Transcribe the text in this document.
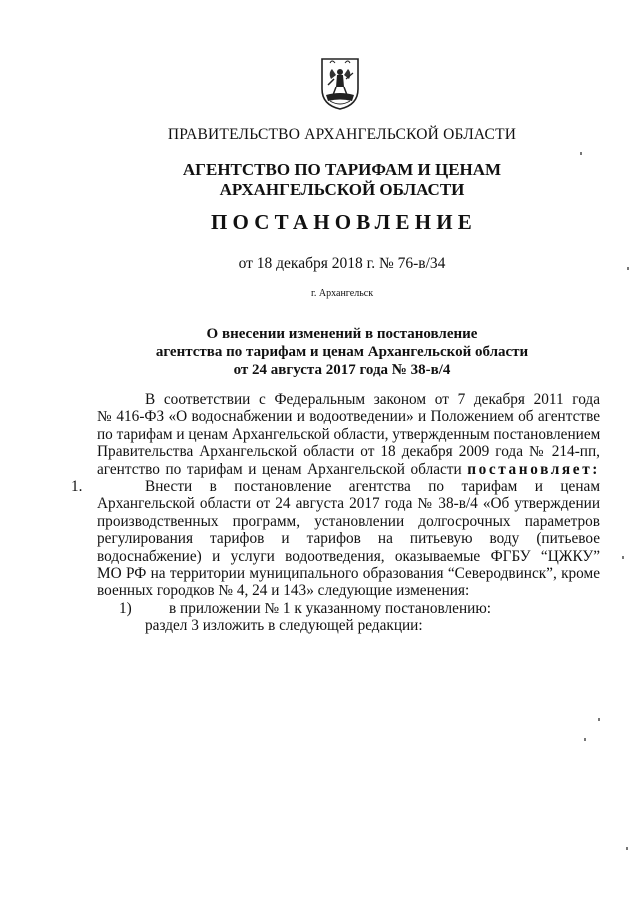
ПРАВИТЕЛЬСТВО АРХАНГЕЛЬСКОЙ ОБЛАСТИ
АГЕНТСТВО ПО ТАРИФАМ И ЦЕНАМ
АРХАНГЕЛЬСКОЙ ОБЛАСТИ
ПОСТАНОВЛЕНИЕ
от 18 декабря 2018 г. № 76-в/34
г. Архангельск
О внесении изменений в постановление
агентства по тарифам и ценам Архангельской области
от 24 августа 2017 года № 38-в/4
В соответствии с Федеральным законом от 7 декабря 2011 года
№ 416-ФЗ «О водоснабжении и водоотведении» и Положением об агентстве
по тарифам и ценам Архангельской области, утвержденным постановлением
Правительства Архангельской области от 18 декабря 2009 года № 214-пп,
агентство по тарифам и ценам Архангельской области постановляет:
1.	Внести в постановление агентства по тарифам и ценам
Архангельской области от 24 августа 2017 года № 38-в/4 «Об утверждении
производственных программ, установлении долгосрочных параметров
регулирования тарифов и тарифов на питьевую воду (питьевое
водоснабжение) и услуги водоотведения, оказываемые ФГБУ “ЦЖКУ”
МО РФ на территории муниципального образования “Северодвинск”, кроме
военных городков № 4, 24 и 143» следующие изменения:
1) в приложении № 1 к указанному постановлению:
раздел 3 изложить в следующей редакции:
